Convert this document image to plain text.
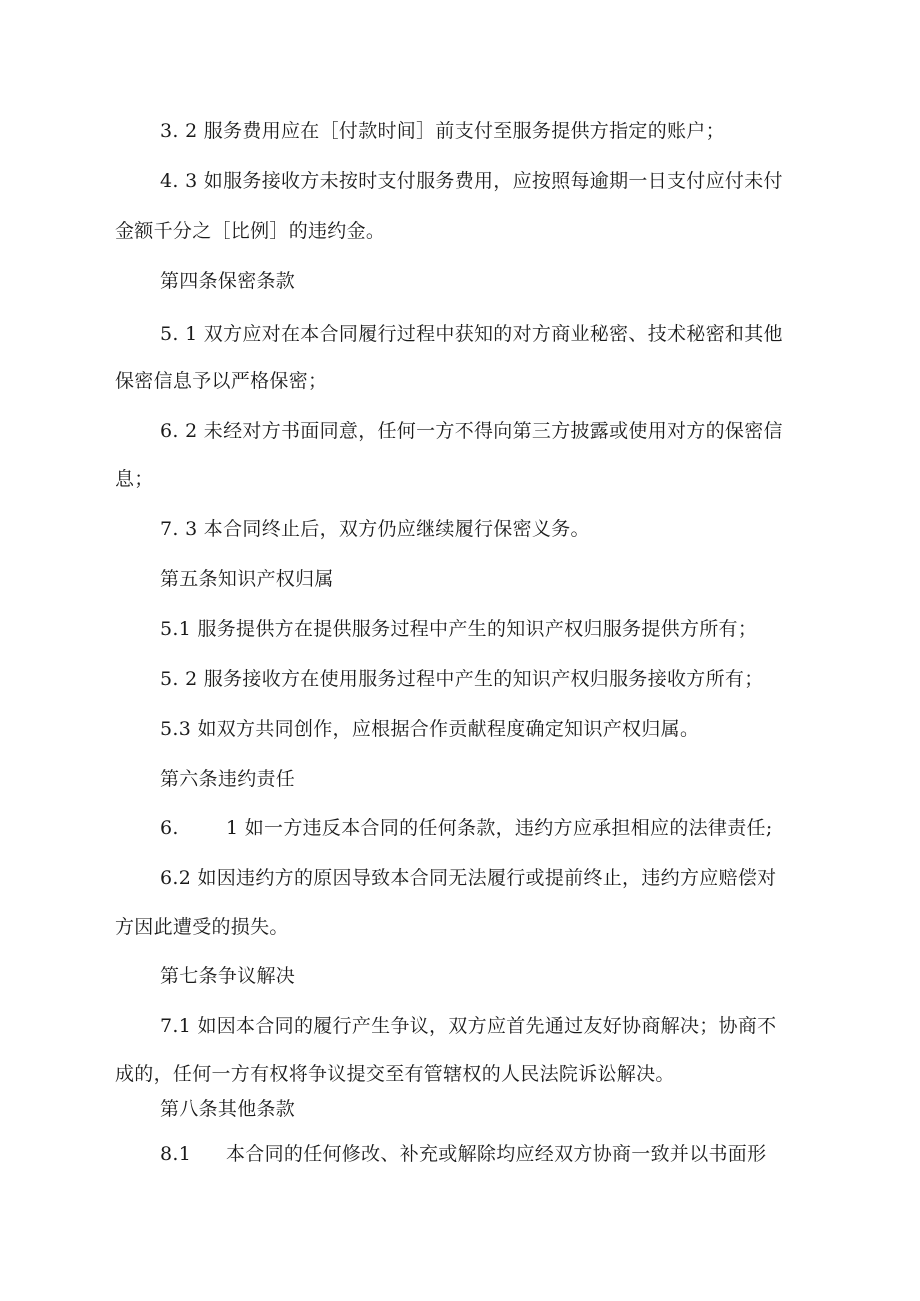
3. 2 服务费用应在［付款时间］前支付至服务提供方指定的账户；
4. 3 如服务接收方未按时支付服务费用，应按照每逾期一日支付应付未付
金额千分之［比例］的违约金。
第四条保密条款
5. 1 双方应对在本合同履行过程中获知的对方商业秘密、技术秘密和其他
保密信息予以严格保密；
6. 2 未经对方书面同意，任何一方不得向第三方披露或使用对方的保密信
息；
7. 3 本合同终止后，双方仍应继续履行保密义务。
第五条知识产权归属
5.1 服务提供方在提供服务过程中产生的知识产权归服务提供方所有；
5. 2 服务接收方在使用服务过程中产生的知识产权归服务接收方所有；
5.3 如双方共同创作，应根据合作贡献程度确定知识产权归属。
第六条违约责任
6. 1 如一方违反本合同的任何条款，违约方应承担相应的法律责任;
6.2 如因违约方的原因导致本合同无法履行或提前终止，违约方应赔偿对
方因此遭受的损失。
第七条争议解决
7.1 如因本合同的履行产生争议，双方应首先通过友好协商解决；协商不
成的，任何一方有权将争议提交至有管辖权的人民法院诉讼解决。
第八条其他条款
8.1 本合同的任何修改、补充或解除均应经双方协商一致并以书面形
